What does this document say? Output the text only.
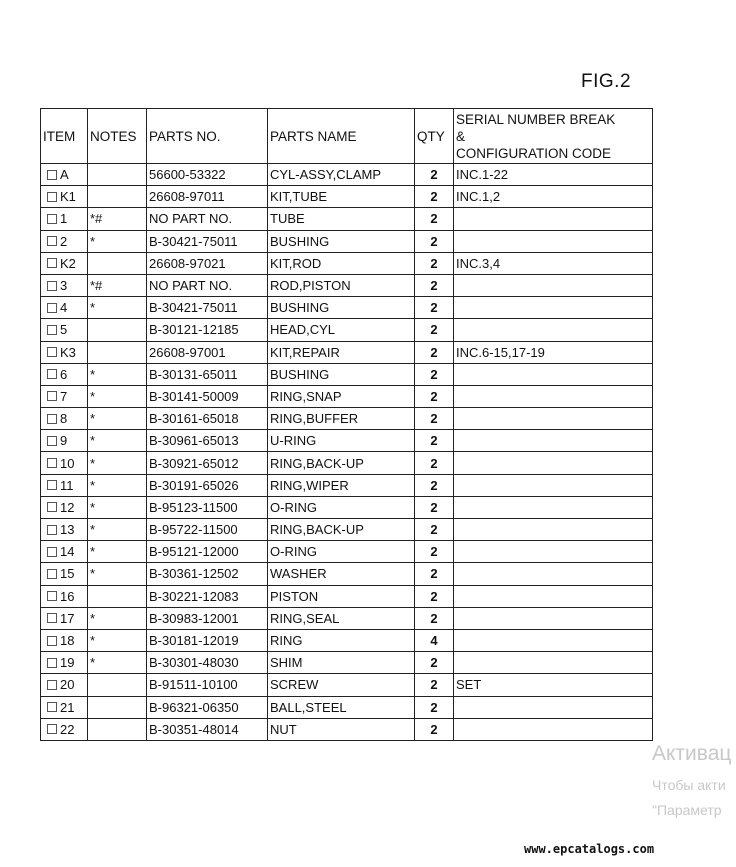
FIG.2
ITEM	NOTES	PARTS NO.	PARTS NAME	QTY	SERIAL NUMBER BREAK
&
CONFIGURATION CODE

A		56600-53322	CYL-ASSY,CLAMP	2	INC.1-22

K1		26608-97011	KIT,TUBE	2	INC.1,2

1	*#	NO PART NO.	TUBE	2	

2	*	B-30421-75011	BUSHING	2	

K2		26608-97021	KIT,ROD	2	INC.3,4

3	*#	NO PART NO.	ROD,PISTON	2	

4	*	B-30421-75011	BUSHING	2	

5		B-30121-12185	HEAD,CYL	2	

K3		26608-97001	KIT,REPAIR	2	INC.6-15,17-19

6	*	B-30131-65011	BUSHING	2	

7	*	B-30141-50009	RING,SNAP	2	

8	*	B-30161-65018	RING,BUFFER	2	

9	*	B-30961-65013	U-RING	2	

10	*	B-30921-65012	RING,BACK-UP	2	

11	*	B-30191-65026	RING,WIPER	2	

12	*	B-95123-11500	O-RING	2	

13	*	B-95722-11500	RING,BACK-UP	2	

14	*	B-95121-12000	O-RING	2	

15	*	B-30361-12502	WASHER	2	

16		B-30221-12083	PISTON	2	

17	*	B-30983-12001	RING,SEAL	2	

18	*	B-30181-12019	RING	4	

19	*	B-30301-48030	SHIM	2	

20		B-91511-10100	SCREW	2	SET

21		B-96321-06350	BALL,STEEL	2	

22		B-30351-48014	NUT	2	
Активац
Чтобы акти
"Параметр
www.epcatalogs.com
